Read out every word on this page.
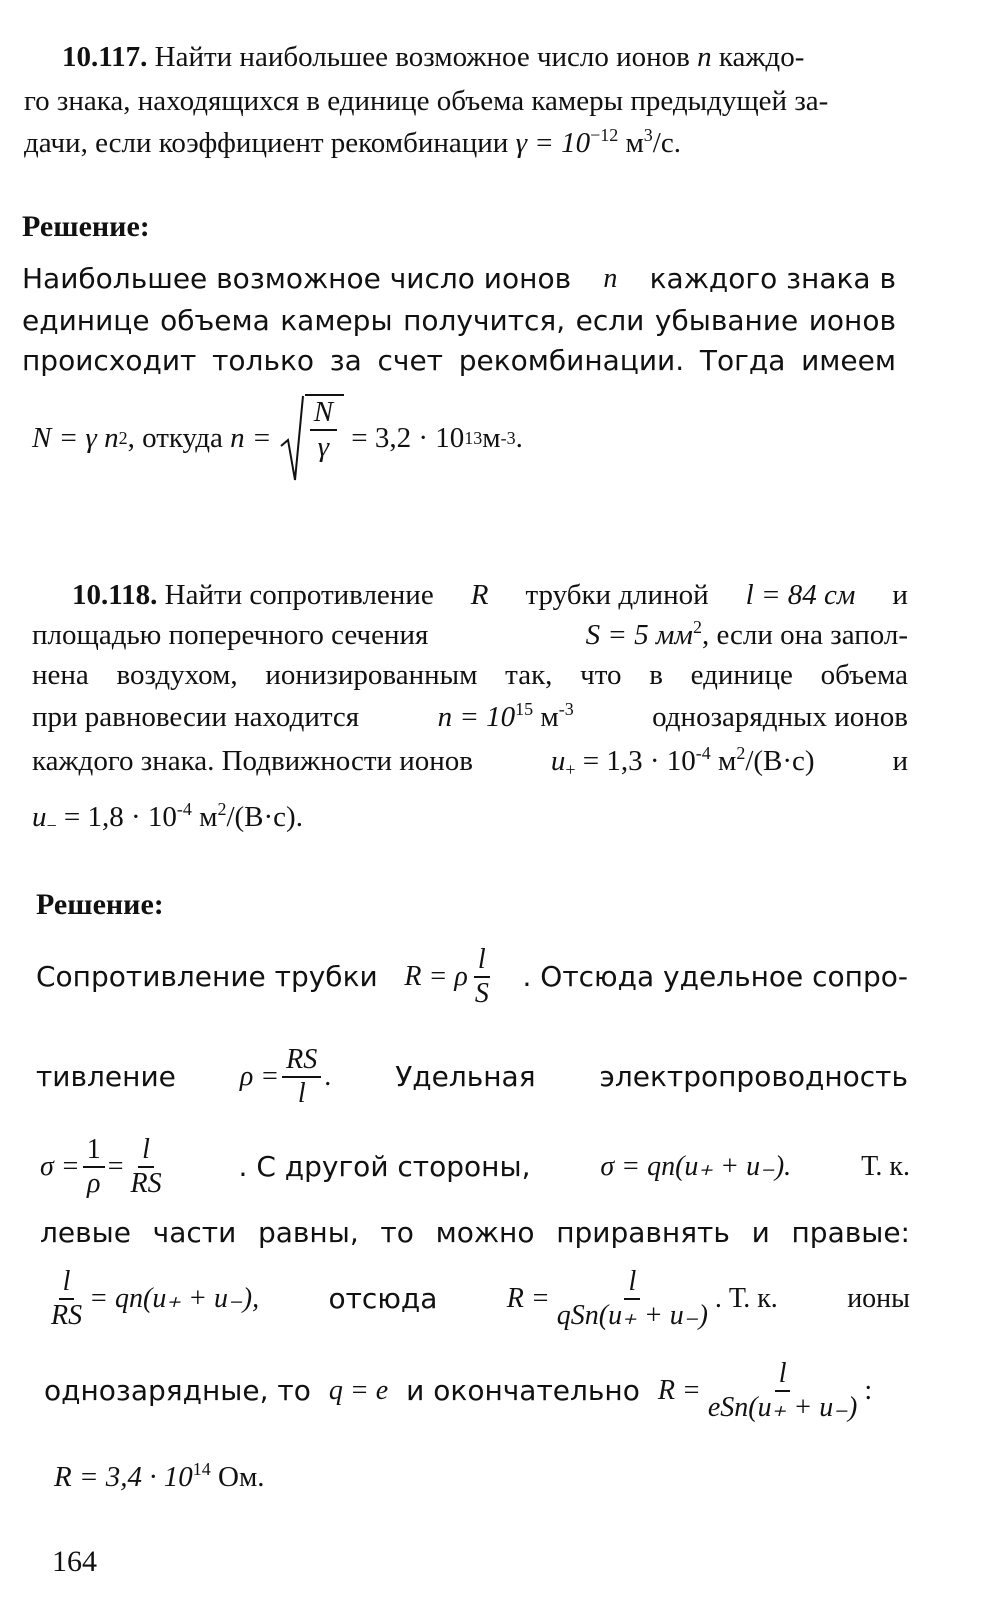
10.117. Найти наибольшее возможное число ионов n каждо-
го знака, находящихся в единице объема камеры предыдущей за-
дачи, если коэффициент рекомбинации $\gamma = 10^{-12}$ $м^3/с$.
Решение:
Наибольшее возможное число ионов n каждого знака в
единице объема камеры получится, если убывание ионов
происходит только за счет рекомбинации. Тогда имеем
N = γ n 2 , откуда
n =
$\frac{N}{\gamma}$
= 3,2 · 10 13 м -3 .
10.118. Найти сопротивление R трубки длиной l = 84 см и
площадью поперечного сечения	S = 5 $мм^2$, если она запол-
нена воздухом, ионизированным так, что в единице объема
при равновесии находится	$n = 10^{15}$ $м^{-3}$	однозарядных ионов
каждого знака. Подвижности ионов	$u_+ = 1,3 \cdot 10^{-4}$ $м^2/(В\cdot с)$	и
$u_- = 1,8 \cdot 10^{-4}$ $м^2/(В\cdot с)$.
Решение:
Сопротивление трубки R = ρ $\frac{l}{S}$ . Отсюда удельное сопро-
тивление $\rho = \frac{RS}{l}$ . Удельная электропроводность
$\sigma = \frac{1}{\rho} = \frac{l}{RS}$	. С другой стороны, σ = qn(u₊ + u₋). Т. к.
левые части равны, то можно приравнять и правые:
$\frac{l}{RS} = qn(u_+ + u_-)$, отсюда $R = \frac{l}{\text{qSn(u₊ + u₋)}}$ . Т. к. ионы
однозарядные, то q = e и окончательно $R = \frac{l}{\text{eSn(u₊ + u₋)}}$ :
$R = 3,4 \cdot 10^{14}$ Ом.
164
